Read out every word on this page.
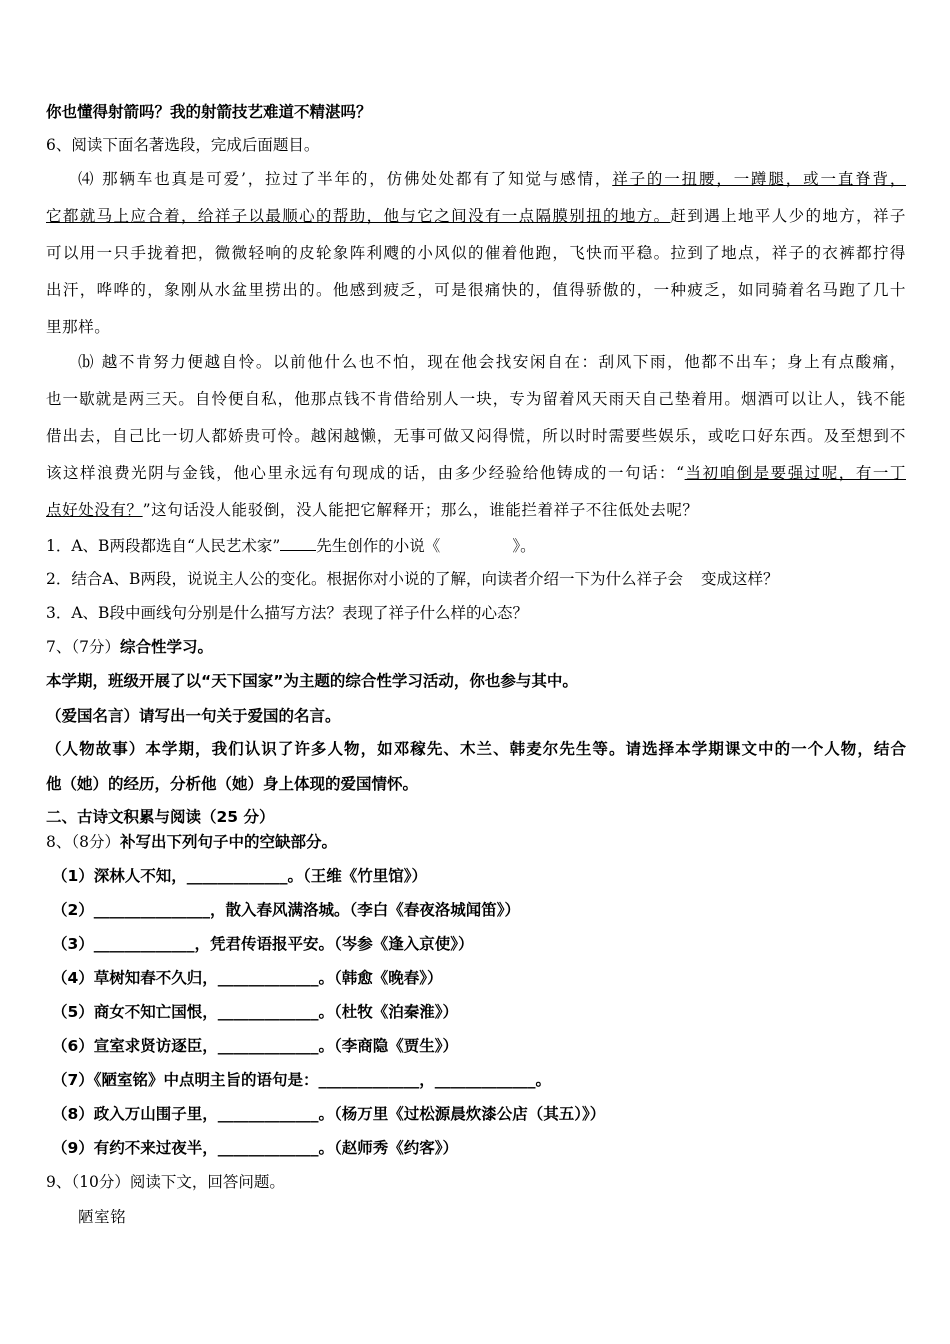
你也懂得射箭吗？我的射箭技艺难道不精湛吗？
6、阅读下面名著选段，完成后面题目。
⑷ 那辆车也真是可爱’，拉过了半年的，仿佛处处都有了知觉与感情，祥子的一扭腰，一蹲腿，或一直脊背，
它都就马上应合着，给祥子以最顺心的帮助，他与它之间没有一点隔膜别扭的地方。赶到遇上地平人少的地方，祥子
可以用一只手拢着把，微微轻响的皮轮象阵利飕的小风似的催着他跑，飞快而平稳。拉到了地点，祥子的衣裤都拧得
出汗，哗哗的，象刚从水盆里捞出的。他感到疲乏，可是很痛快的，值得骄傲的，一种疲乏，如同骑着名马跑了几十
里那样。
⒝ 越不肯努力便越自怜。以前他什么也不怕，现在他会找安闲自在：刮风下雨，他都不出车；身上有点酸痛，
也一歇就是两三天。自怜便自私，他那点钱不肯借给别人一块，专为留着风天雨天自己垫着用。烟酒可以让人，钱不能
借出去，自己比一切人都娇贵可怜。越闲越懒，无事可做又闷得慌，所以时时需要些娱乐，或吃口好东西。及至想到不
该这样浪费光阴与金钱，他心里永远有句现成的话，由多少经验给他铸成的一句话：“当初咱倒是要强过呢，有一丁
点好处没有？”这句话没人能驳倒，没人能把它解释开；那么，谁能拦着祥子不往低处去呢？
1．A、B两段都选自“人民艺术家” 先生创作的小说《	》。
2．结合A、B两段，说说主人公的变化。根据你对小说的了解，向读者介绍一下为什么祥子会 变成这样？
3．A、B段中画线句分别是什么描写方法？表现了祥子什么样的心态？
7、（7分）综合性学习。
本学期，班级开展了以“天下国家”为主题的综合性学习活动，你也参与其中。
（爱国名言）请写出一句关于爱国的名言。
（人物故事）本学期，我们认识了许多人物，如邓稼先、木兰、韩麦尔先生等。请选择本学期课文中的一个人物，结合
他（她）的经历，分析他（她）身上体现的爱国情怀。
二、古诗文积累与阅读（25 分）
8、（8分）补写出下列句子中的空缺部分。
（1）深林人不知，_____________。（王维《竹里馆》）
（2）_______________，散入春风满洛城。（李白《春夜洛城闻笛》）
（3）_____________，凭君传语报平安。（岑参《逢入京使》）
（4）草树知春不久归，_____________。（韩愈《晚春》）
（5）商女不知亡国恨，_____________。（杜牧《泊秦淮》）
（6）宣室求贤访逐臣，_____________。（李商隐《贾生》）
（7）《陋室铭》中点明主旨的语句是：_____________，_____________。
（8）政入万山围子里，_____________。（杨万里《过松源晨炊漆公店（其五）》）
（9）有约不来过夜半，_____________。（赵师秀《约客》）
9、（10分）阅读下文，回答问题。
陋室铭
